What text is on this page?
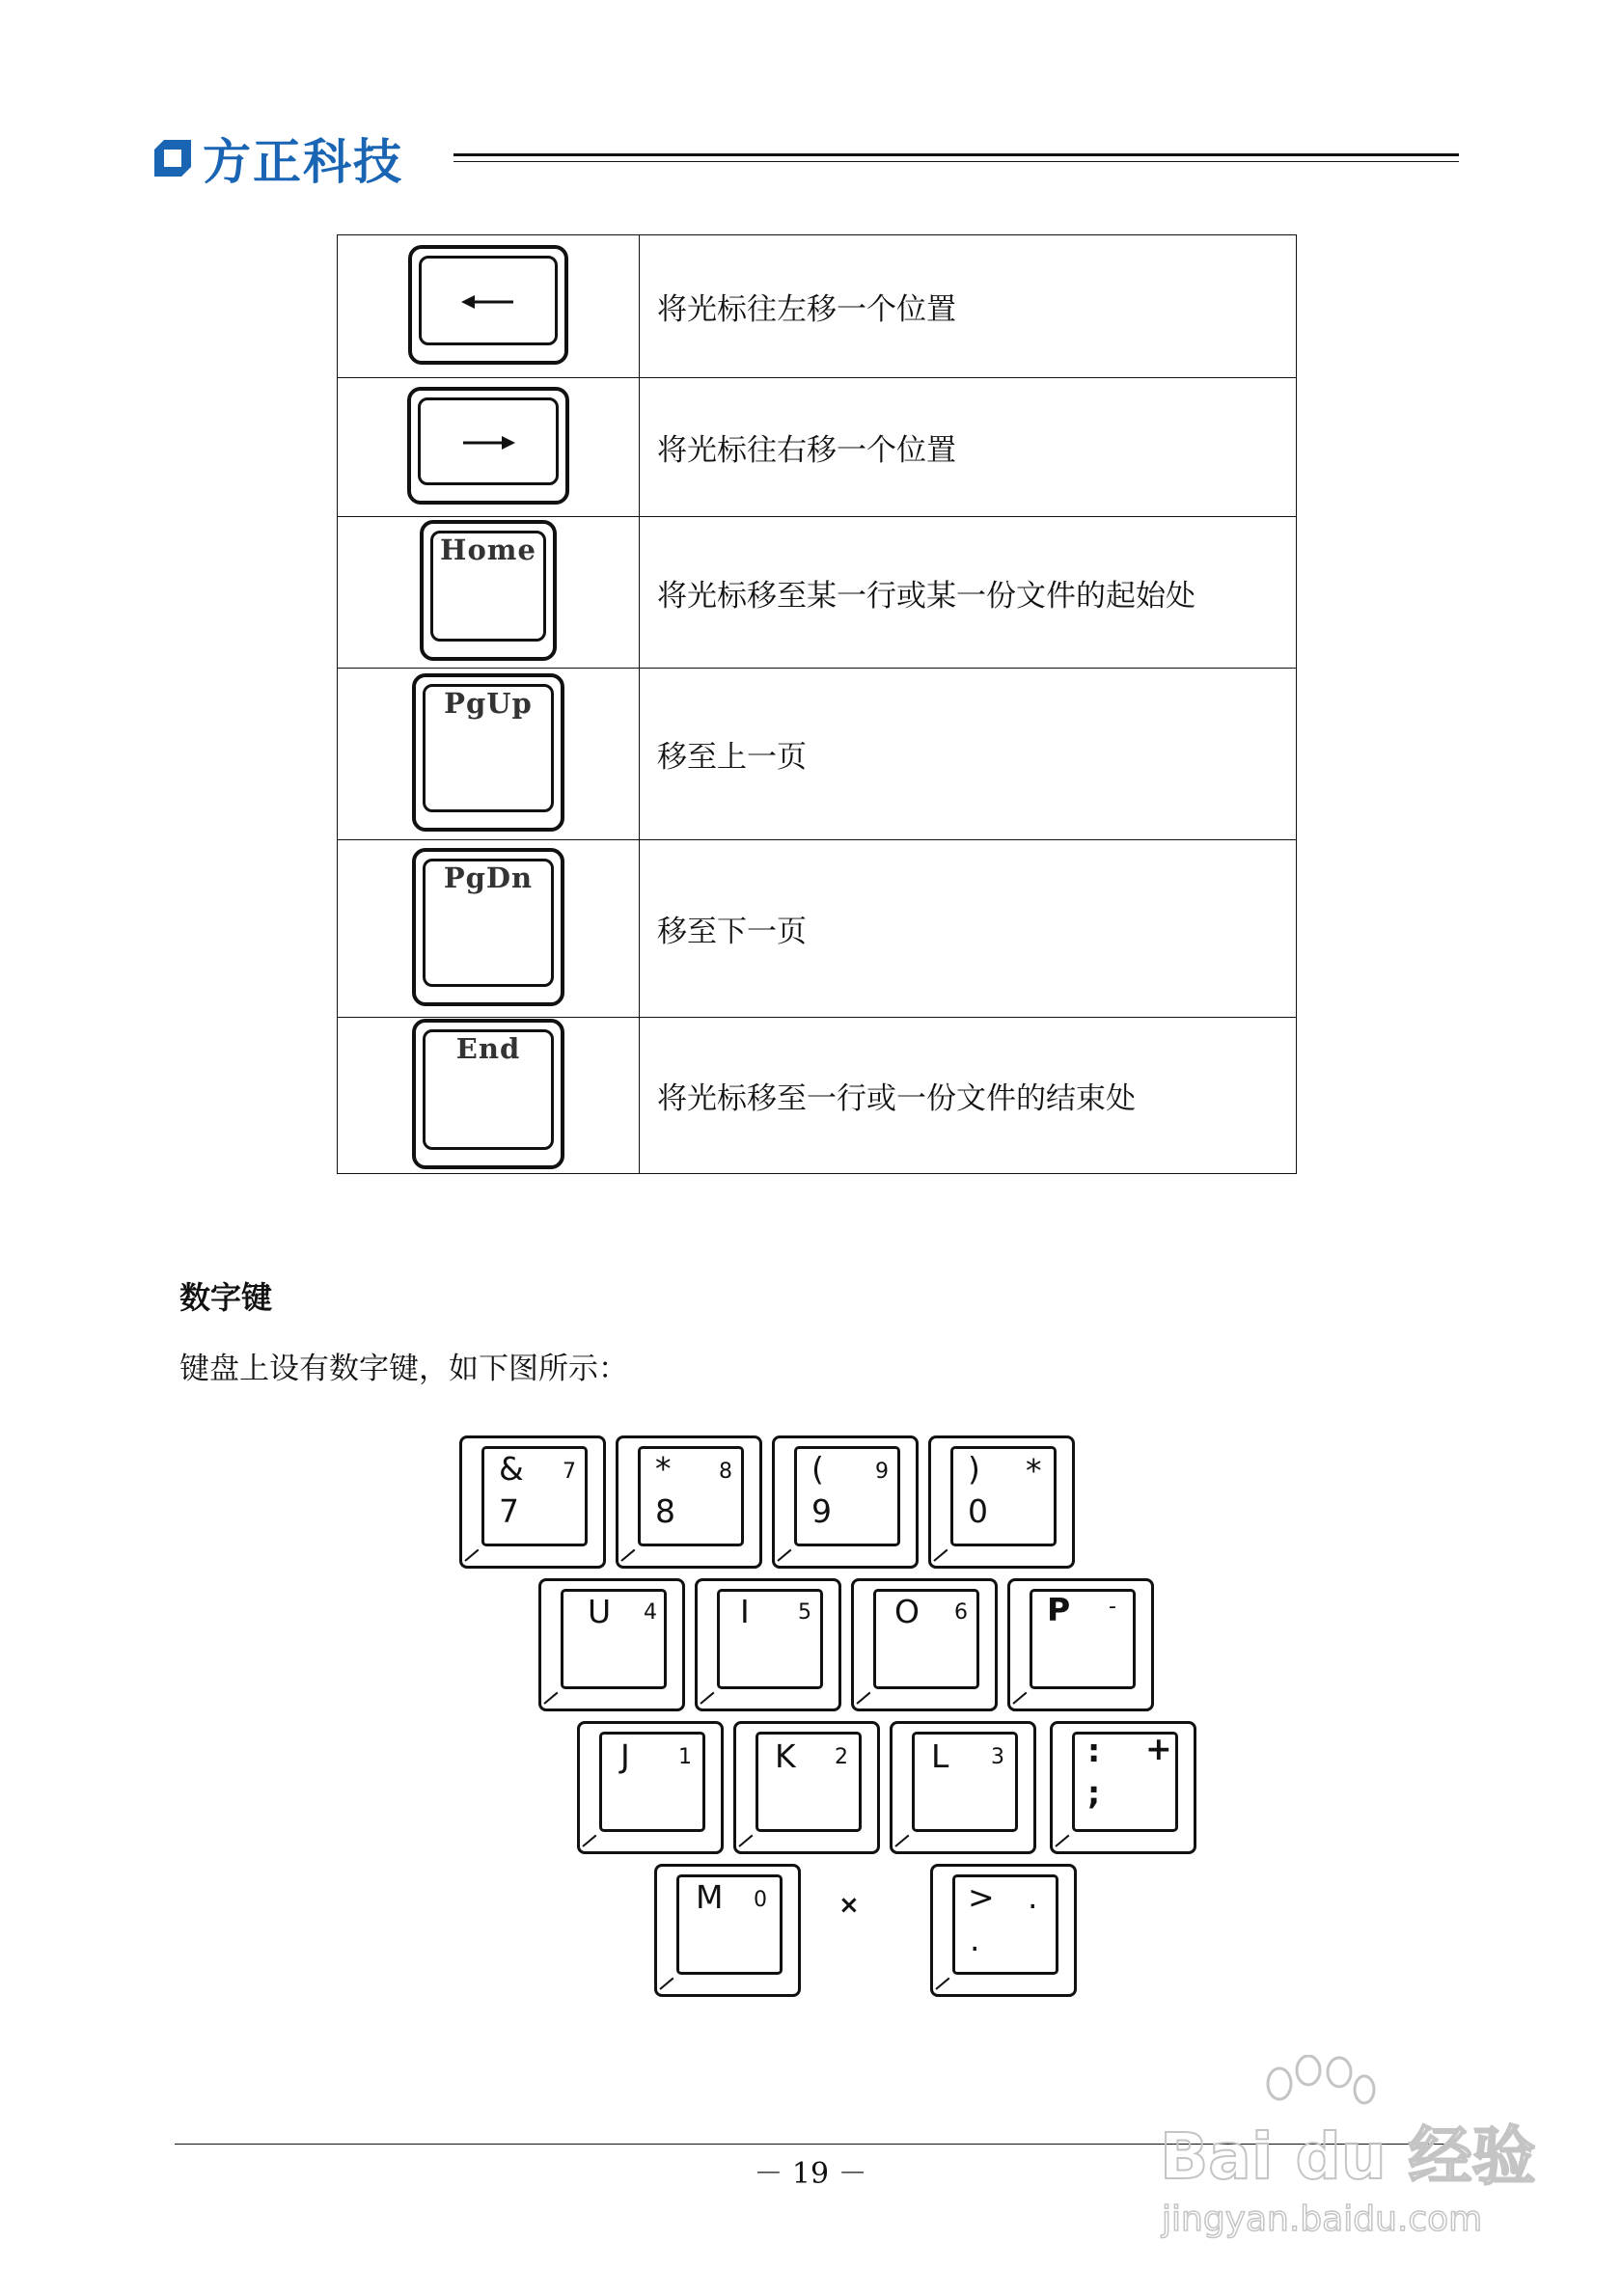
方正科技
	将光标往左移一个位置

	将光标往右移一个位置

Home	将光标移至某一行或某一份文件的起始处

PgUp	移至上一页

PgDn	移至下一页

End	将光标移至一行或一份文件的结束处
数字键
键盘上设有数字键，如下图所示：
&
7
7 *
8
8 (
9
9 )
0
*
U 4	I 5	O 6 P -
J 1	K 2	L 3	:
;
+
M 0	>
.
.
×
－ 19 －	Bai du 经验
jingyan.baidu.com
